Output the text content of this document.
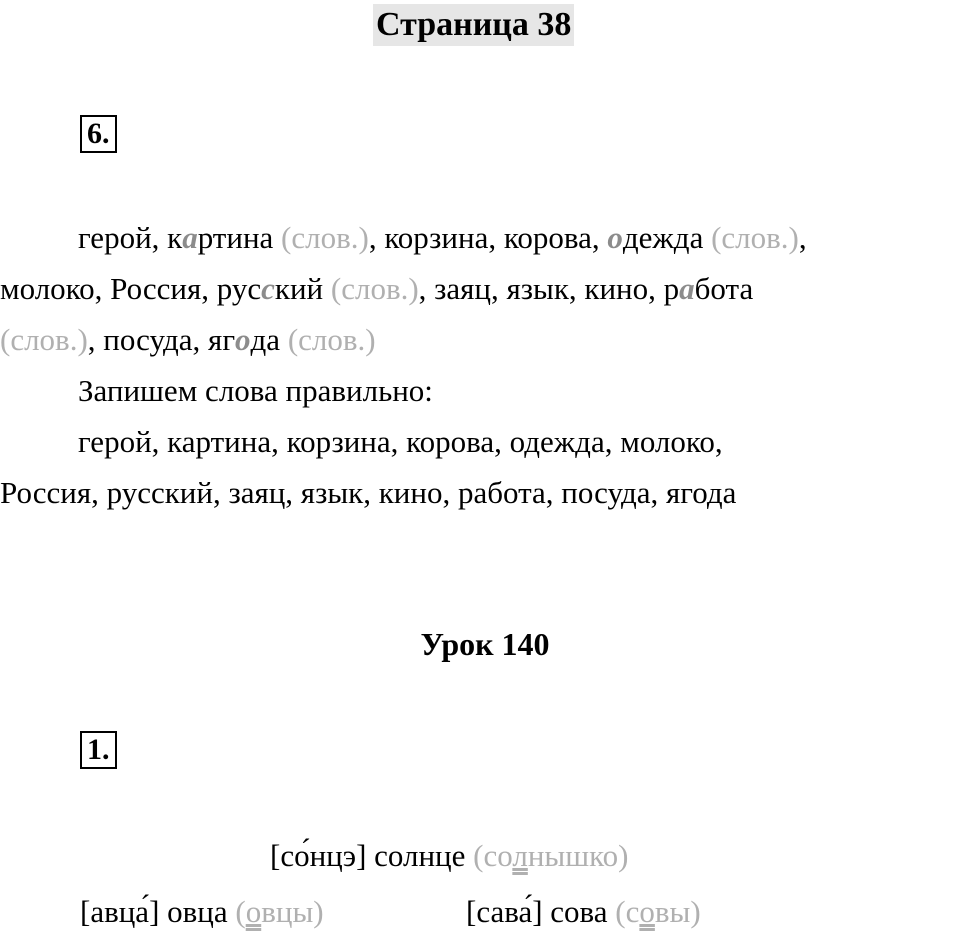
Страница 38
6.
герой, картина (слов.), корзина, корова, одежда (слов.),
молоко, Россия, русский (слов.), заяц, язык, кино, работа
(слов.), посуда, ягода (слов.)
Запишем слова правильно:
герой, картина, корзина, корова, одежда, молоко,
Россия, русский, заяц, язык, кино, работа, посуда, ягода
Урок 140
1.
[со́нцэ] солнце (солнышко)
[авца́] овца (овцы)	[сава́] сова (совы)
